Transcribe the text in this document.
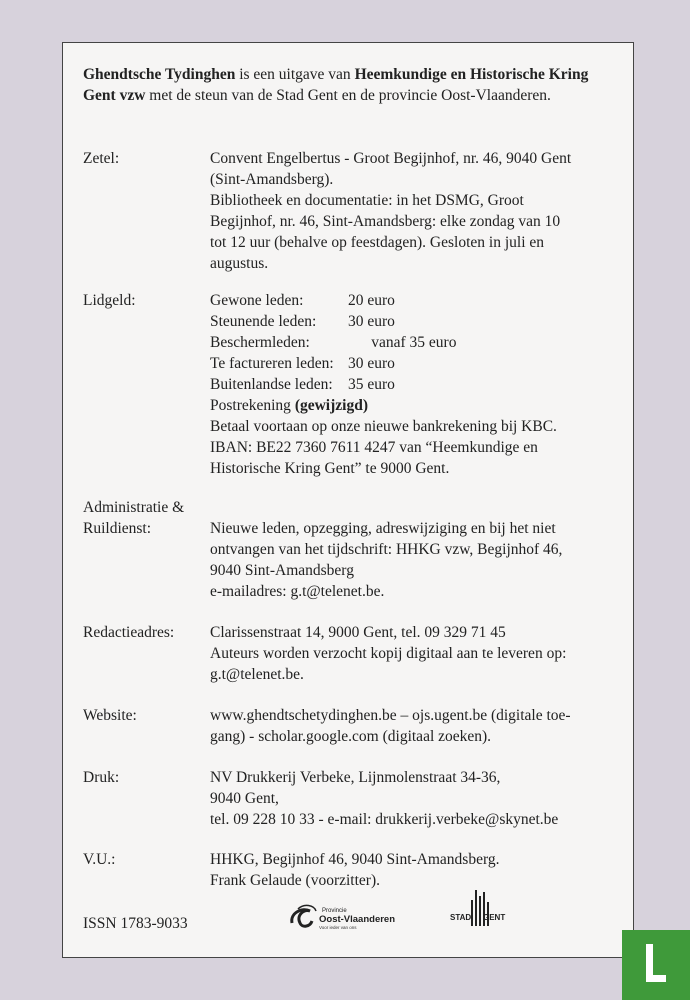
Ghendtsche Tydinghen is een uitgave van Heemkundige en Historische Kring Gent vzw met de steun van de Stad Gent en de provincie Oost-Vlaanderen.
Zetel:	Convent Engelbertus - Groot Begijnhof, nr. 46, 9040 Gent
(Sint-Amandsberg).
Bibliotheek en documentatie: in het DSMG, Groot
Begijnhof, nr. 46, Sint-Amandsberg: elke zondag van 10
tot 12 uur (behalve op feestdagen). Gesloten in juli en
augustus.
Lidgeld:	Gewone leden:	20 euro
Steunende leden:	30 euro
Beschermleden:	vanaf 35 euro
Te factureren leden: 30 euro
Buitenlandse leden: 35 euro
Postrekening (gewijzigd)
Betaal voortaan op onze nieuwe bankrekening bij KBC.
IBAN: BE22 7360 7611 4247 van “Heemkundige en
Historische Kring Gent” te 9000 Gent.
Administratie &
Ruildienst:	Nieuwe leden, opzegging, adreswijziging en bij het niet
ontvangen van het tijdschrift: HHKG vzw, Begijnhof 46,
9040 Sint-Amandsberg
e-mailadres: g.t@telenet.be.
Redactieadres:	Clarissenstraat 14, 9000 Gent, tel. 09 329 71 45
Auteurs worden verzocht kopij digitaal aan te leveren op:
g.t@telenet.be.
Website:	www.ghendtschetydinghen.be – ojs.ugent.be (digitale toe-
gang) - scholar.google.com (digitaal zoeken).
Druk:	NV Drukkerij Verbeke, Lijnmolenstraat 34-36,
9040 Gent,
tel. 09 228 10 33 - e-mail: drukkerij.verbeke@skynet.be
V.U.:	HHKG, Begijnhof 46, 9040 Sint-Amandsberg.
Frank Gelaude (voorzitter).
ISSN 1783-9033
Provincie
Oost-Vlaanderen
Voor ieder van ons
STAD GENT
